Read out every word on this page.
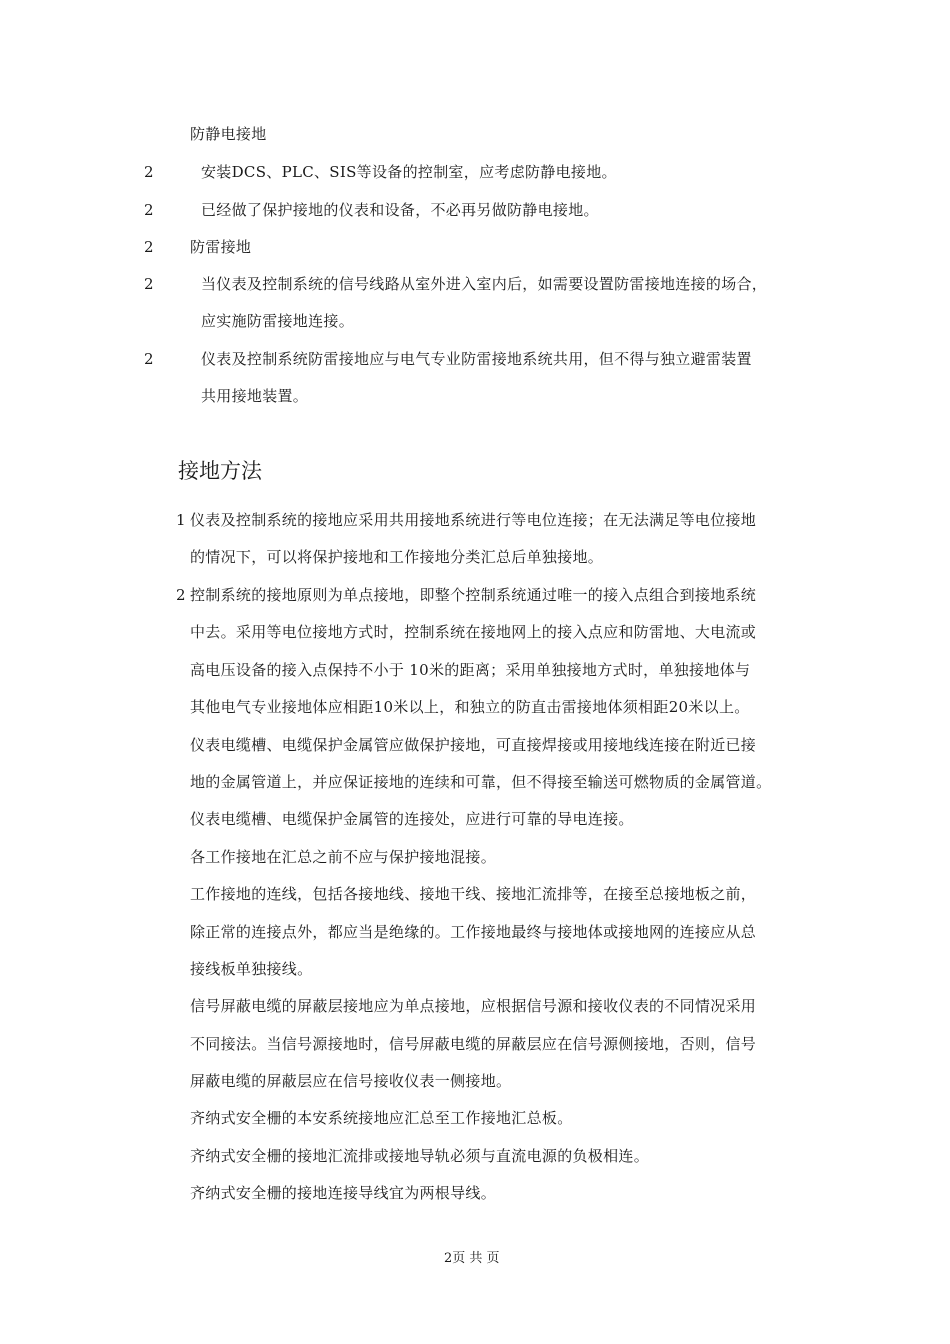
防静电接地
2	安装DCS、PLC、SIS等设备的控制室，应考虑防静电接地。
2	已经做了保护接地的仪表和设备，不必再另做防静电接地。
2 防雷接地
2	当仪表及控制系统的信号线路从室外进入室内后，如需要设置防雷接地连接的场合，
应实施防雷接地连接。
2	仪表及控制系统防雷接地应与电气专业防雷接地系统共用，但不得与独立避雷装置
共用接地装置。
接地方法
1 仪表及控制系统的接地应采用共用接地系统进行等电位连接；在无法满足等电位接地
的情况下，可以将保护接地和工作接地分类汇总后单独接地。
2 控制系统的接地原则为单点接地，即整个控制系统通过唯一的接入点组合到接地系统
中去。采用等电位接地方式时，控制系统在接地网上的接入点应和防雷地、大电流或
高电压设备的接入点保持不小于 10米的距离；采用单独接地方式时，单独接地体与
其他电气专业接地体应相距10米以上，和独立的防直击雷接地体须相距20米以上。
仪表电缆槽、电缆保护金属管应做保护接地，可直接焊接或用接地线连接在附近已接
地的金属管道上，并应保证接地的连续和可靠，但不得接至输送可燃物质的金属管道。
仪表电缆槽、电缆保护金属管的连接处，应进行可靠的导电连接。
各工作接地在汇总之前不应与保护接地混接。
工作接地的连线，包括各接地线、接地干线、接地汇流排等，在接至总接地板之前，
除正常的连接点外，都应当是绝缘的。工作接地最终与接地体或接地网的连接应从总
接线板单独接线。
信号屏蔽电缆的屏蔽层接地应为单点接地，应根据信号源和接收仪表的不同情况采用
不同接法。当信号源接地时，信号屏蔽电缆的屏蔽层应在信号源侧接地，否则，信号
屏蔽电缆的屏蔽层应在信号接收仪表一侧接地。
齐纳式安全栅的本安系统接地应汇总至工作接地汇总板。
齐纳式安全栅的接地汇流排或接地导轨必须与直流电源的负极相连。
齐纳式安全栅的接地连接导线宜为两根导线。
2页 共 页
